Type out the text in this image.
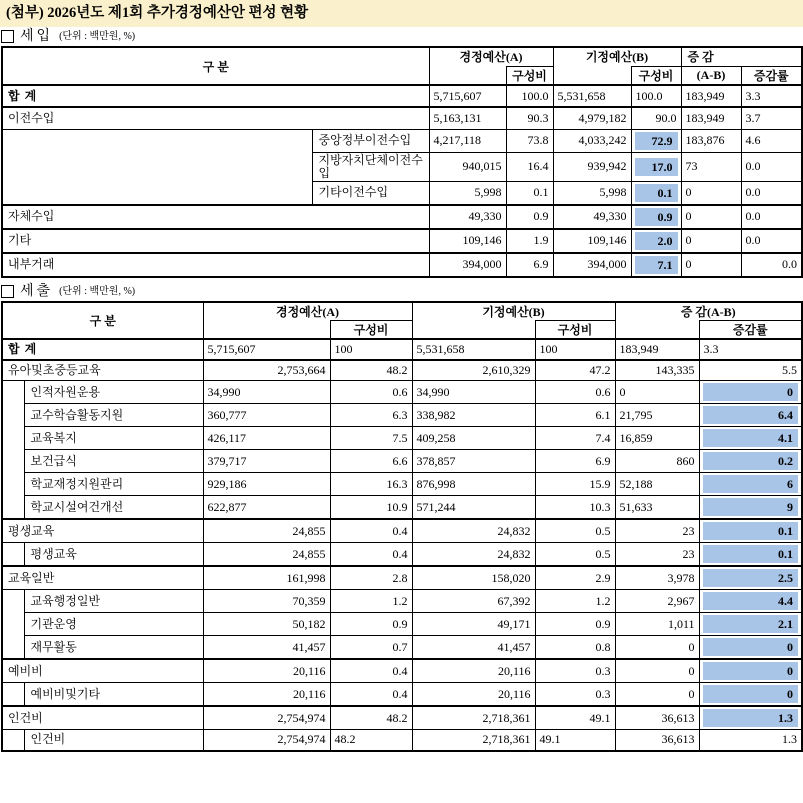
(첨부) 2026년도 제1회 추가경정예산안 편성 현황
세입 (단위 : 백만원, %)
구 분		경정예산(A)		기정예산(B)		증 감	
			구성비		구성비	(A-B)	증감률
합 계		5,715,607	100.0	5,531,658	100.0	183,949	3.3
이전수입		5,163,131	90.3	4,979,182	90.0	183,949	3.7
	중앙정부이전수입	4,217,118	73.8	4,033,242	72.9	183,876	4.6
	지방자치단체이전수입	940,015	16.4	939,942	17.0	73	0.0
	기타이전수입	5,998	0.1	5,998	0.1	0	0.0
자체수입		49,330	0.9	49,330	0.9	0	0.0
기타		109,146	1.9	109,146	2.0	0	0.0
내부거래		394,000	6.9	394,000	7.1	0	0.0
세출 (단위 : 백만원, %)
구 분		경정예산(A)		기정예산(B)		증 감(A-B)	
			구성비		구성비		증감률
합 계		5,715,607	100	5,531,658	100	183,949	3.3
유아및초중등교육		2,753,664	48.2	2,610,329	47.2	143,335	5.5
	인적자원운용	34,990	0.6	34,990	0.6	0	0

	교수학습활동지원	360,777	6.3	338,982	6.1	21,795	6.4

	교육복지	426,117	7.5	409,258	7.4	16,859	4.1

	보건급식	379,717	6.6	378,857	6.9	860	0.2

	학교재정지원관리	929,186	16.3	876,998	15.9	52,188	6

	학교시설여건개선	622,877	10.9	571,244	10.3	51,633	9

평생교육		24,855	0.4	24,832	0.5	23	0.1

	평생교육	24,855	0.4	24,832	0.5	23	0.1

교육일반		161,998	2.8	158,020	2.9	3,978	2.5

	교육행정일반	70,359	1.2	67,392	1.2	2,967	4.4

	기관운영	50,182	0.9	49,171	0.9	1,011	2.1

	재무활동	41,457	0.7	41,457	0.8	0	0

예비비		20,116	0.4	20,116	0.3	0	0

	예비비및기타	20,116	0.4	20,116	0.3	0	0

인건비		2,754,974	48.2	2,718,361	49.1	36,613	1.3

	인건비	2,754,974	48.2	2,718,361	49.1	36,613	1.3
